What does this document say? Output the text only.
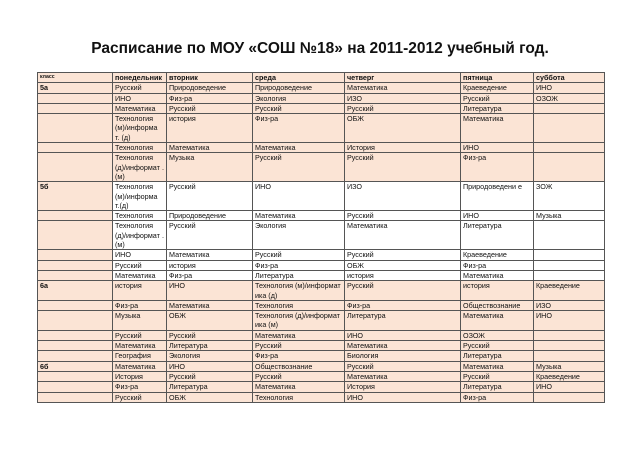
Расписание по МОУ «СОШ №18» на 2011-2012 учебный год.
класс	понедельник	вторник	среда	четверг	пятница	суббота
5а	Русский	Природоведение	Природоведение	Математика	Краеведение	ИНО
	ИНО	Физ-ра	Экология	ИЗО	Русский	ОЗОЖ
	Математика	Русский	Русский	Русский	Литература	
	Технология (м)/информа т. (д)	история	Физ-ра	ОБЖ	Математика	
	Технология	Математика	Математика	История	ИНО	
	Технология (д)/информат .(м)	Музыка	Русский	Русский	Физ-ра	
5б	Технология (м)/информа т.(д)	Русский	ИНО	ИЗО	Природоведени е	ЗОЖ
	Технология	Природоведение	Математика	Русский	ИНО	Музыка
	Технология (д)/информат . (м)	Русский	Экология	Математика	Литература	
	ИНО	Математика	Русский	Русский	Краеведение	
	Русский	история	Физ-ра	ОБЖ	Физ-ра	
	Математика	Физ-ра	Литература	история	Математика	
6а	история	ИНО	Технология (м)/информатика (д)	Русский	история	Краеведение
	Физ-ра	Математика	Технология	Физ-ра	Обществознание	ИЗО
	Музыка	ОБЖ	Технология (д)/информатика (м)	Литература	Математика	ИНО
	Русский	Русский	Математика	ИНО	ОЗОЖ	
	Математика	Литература	Русский	Математика	Русский	
	География	Экология	Физ-ра	Биология	Литература	
6б	Математика	ИНО	Обществознание	Русский	Математика	Музыка
	История	Русский	Русский	Математика	Русский	Краеведение
	Физ-ра	Литература	Математика	История	Литература	ИНО
	Русский	ОБЖ	Технология	ИНО	Физ-ра	
